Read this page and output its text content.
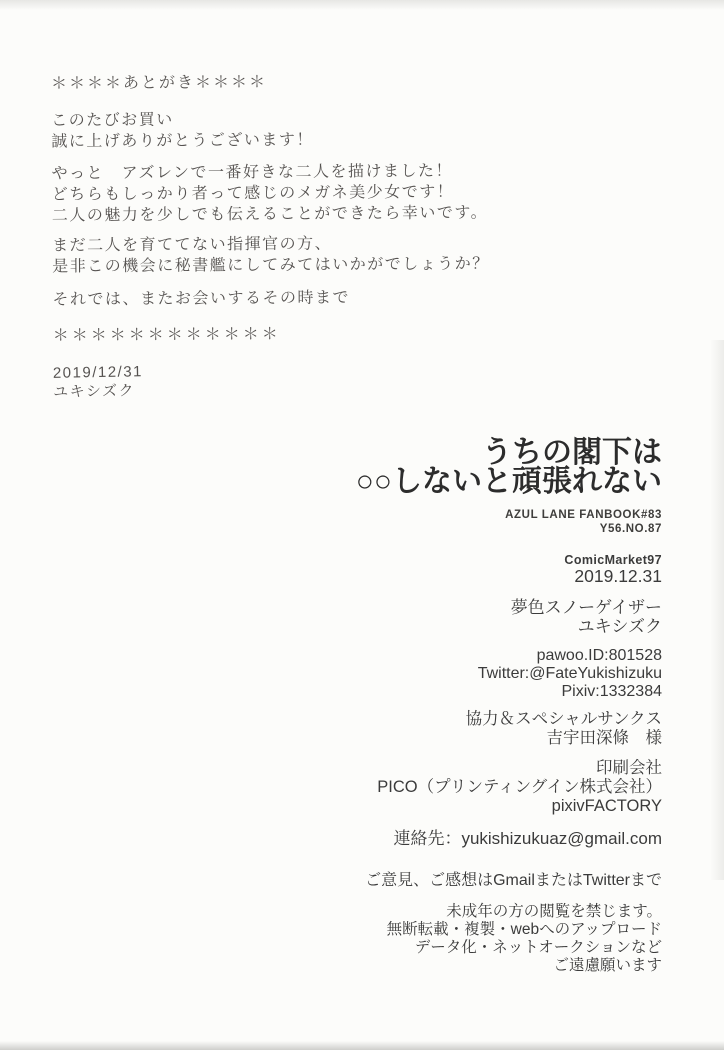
＊＊＊＊あとがき＊＊＊＊
このたびお買い
誠に上げありがとうございます！
やっと　アズレンで一番好きな二人を描けました！
どちらもしっかり者って感じのメガネ美少女です！
二人の魅力を少しでも伝えることができたら幸いです。
まだ二人を育ててない指揮官の方、
是非この機会に秘書艦にしてみてはいかがでしょうか？
それでは、またお会いするその時まで
＊＊＊＊＊＊＊＊＊＊＊＊
2019/12/31
ユキシズク
うちの閣下は
○○しないと頑張れない
AZUL LANE FANBOOK#83
Y56.NO.87
ComicMarket97
2019.12.31
夢色スノーゲイザー
ユキシズク
pawoo.ID:801528
Twitter:@FateYukishizuku
Pixiv:1332384
協力＆スペシャルサンクス
吉宇田深條　様
印刷会社
PICO（プリンティングイン株式会社）
pixivFACTORY
連絡先：yukishizukuaz@gmail.com
ご意見、ご感想はGmailまたはTwitterまで
未成年の方の閲覧を禁じます。
無断転載・複製・webへのアップロード
データ化・ネットオークションなど
ご遠慮願います
